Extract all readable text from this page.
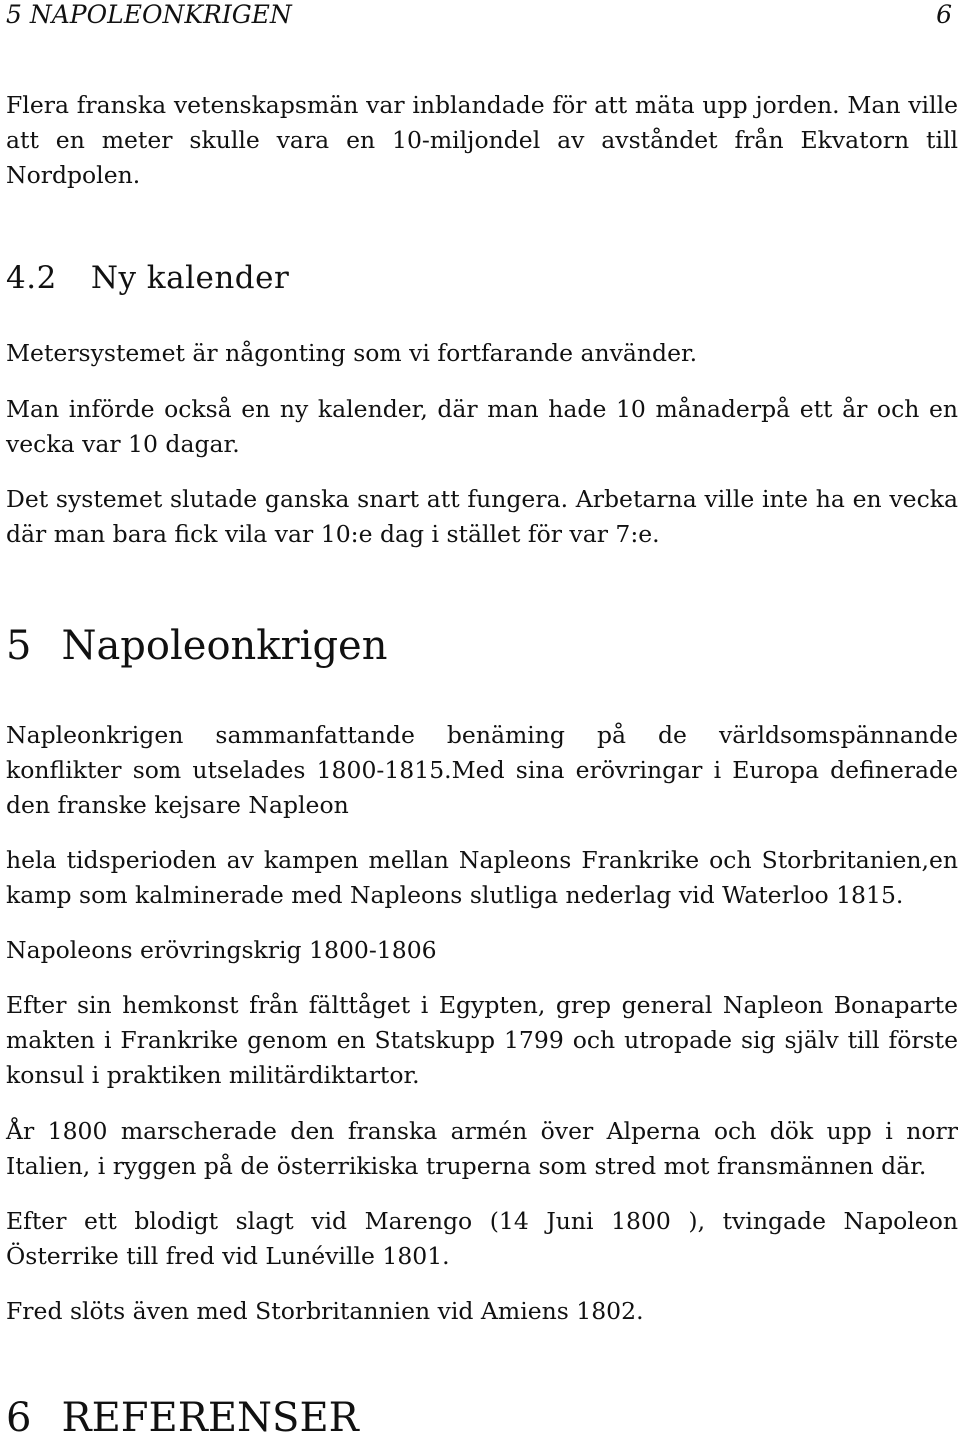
5 NAPOLEONKRIGEN	6

Flera franska vetenskapsmän var inblandade för att mäta upp jorden. Man ville att en meter skulle vara en 10-miljondel av avståndet från Ekvatorn till Nordpolen.

4.2 Ny kalender

Metersystemet är någonting som vi fortfarande använder.

Man införde också en ny kalender, där man hade 10 månaderpå ett år och en vecka var 10 dagar.

Det systemet slutade ganska snart att fungera. Arbetarna ville inte ha en vecka där man bara fick vila var 10:e dag i stället för var 7:e.

5 Napoleonkrigen

Napleonkrigen sammanfattande benäming på de världsomspännande konflikter som utselades 1800-1815.Med sina erövringar i Europa definerade den franske kejsare Napleon

hela tidsperioden av kampen mellan Napleons Frankrike och Storbritanien,en kamp som kalminerade med Napleons slutliga nederlag vid Waterloo 1815.

Napoleons erövringskrig 1800-1806

Efter sin hemkonst från fälttåget i Egypten, grep general Napleon Bonaparte makten i Frankrike genom en Statskupp 1799 och utropade sig själv till förste konsul i praktiken militärdiktartor.

År 1800 marscherade den franska armén över Alperna och dök upp i norr Italien, i ryggen på de österrikiska truperna som stred mot fransmännen där.

Efter ett blodigt slagt vid Marengo (14 Juni 1800 ), tvingade Napoleon Österrike till fred vid Lunéville 1801.

Fred slöts även med Storbritannien vid Amiens 1802.

6 REFERENSER
